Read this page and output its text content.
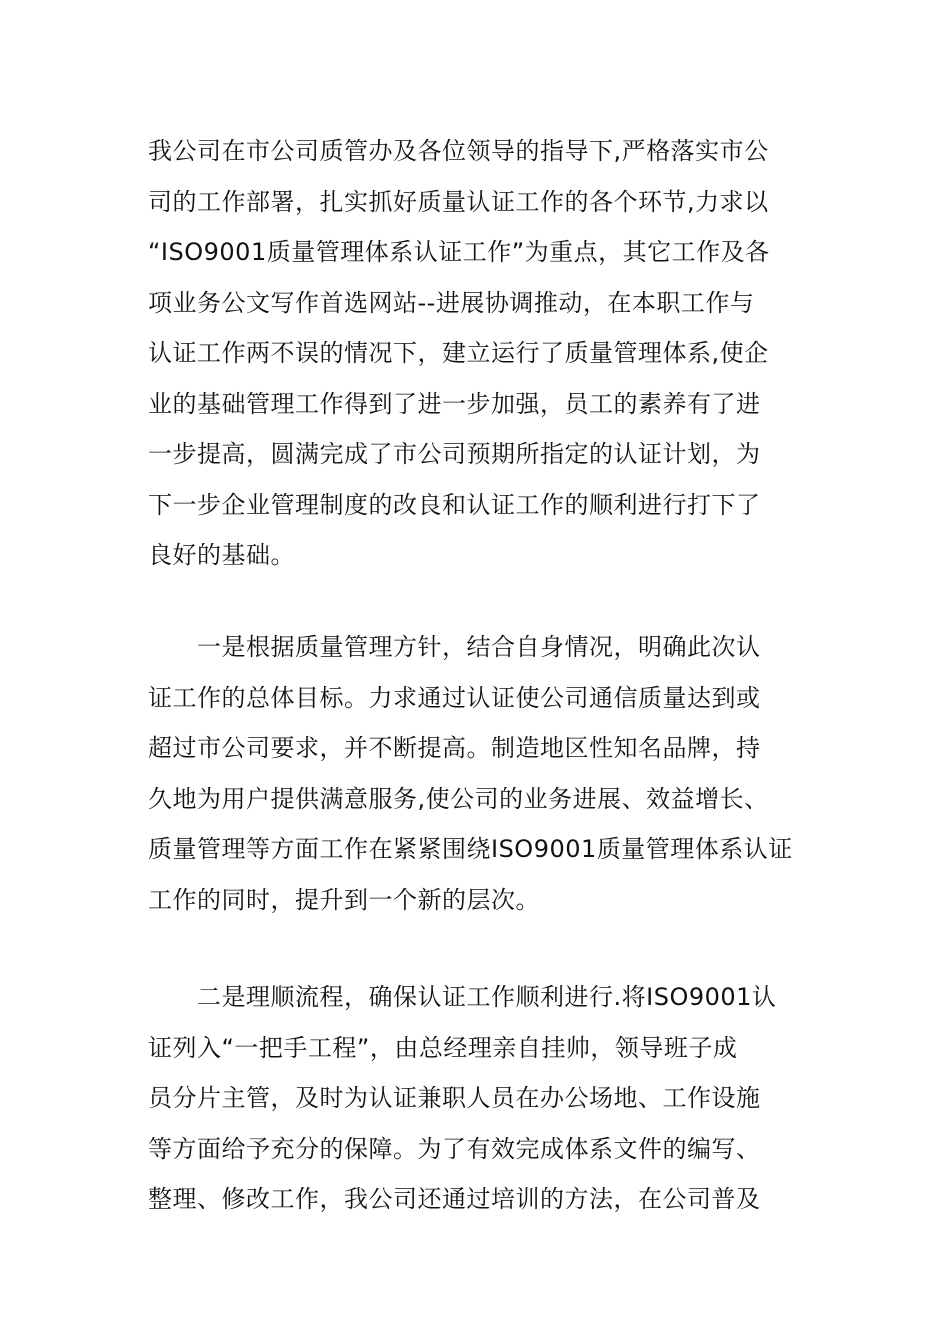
我公司在市公司质管办及各位领导的指导下,严格落实市公
司的工作部署，扎实抓好质量认证工作的各个环节,力求以
“ISO9001质量管理体系认证工作”为重点，其它工作及各
项业务公文写作首选网站--进展协调推动，在本职工作与
认证工作两不误的情况下，建立运行了质量管理体系,使企
业的基础管理工作得到了进一步加强，员工的素养有了进
一步提高，圆满完成了市公司预期所指定的认证计划，为
下一步企业管理制度的改良和认证工作的顺利进行打下了
良好的基础。
　　一是根据质量管理方针，结合自身情况，明确此次认
证工作的总体目标。力求通过认证使公司通信质量达到或
超过市公司要求，并不断提高。制造地区性知名品牌，持
久地为用户提供满意服务,使公司的业务进展、效益增长、
质量管理等方面工作在紧紧围绕ISO9001质量管理体系认证
工作的同时，提升到一个新的层次。
　　二是理顺流程，确保认证工作顺利进行.将ISO9001认
证列入“一把手工程”，由总经理亲自挂帅，领导班子成
员分片主管，及时为认证兼职人员在办公场地、工作设施
等方面给予充分的保障。为了有效完成体系文件的编写、
整理、修改工作，我公司还通过培训的方法，在公司普及
